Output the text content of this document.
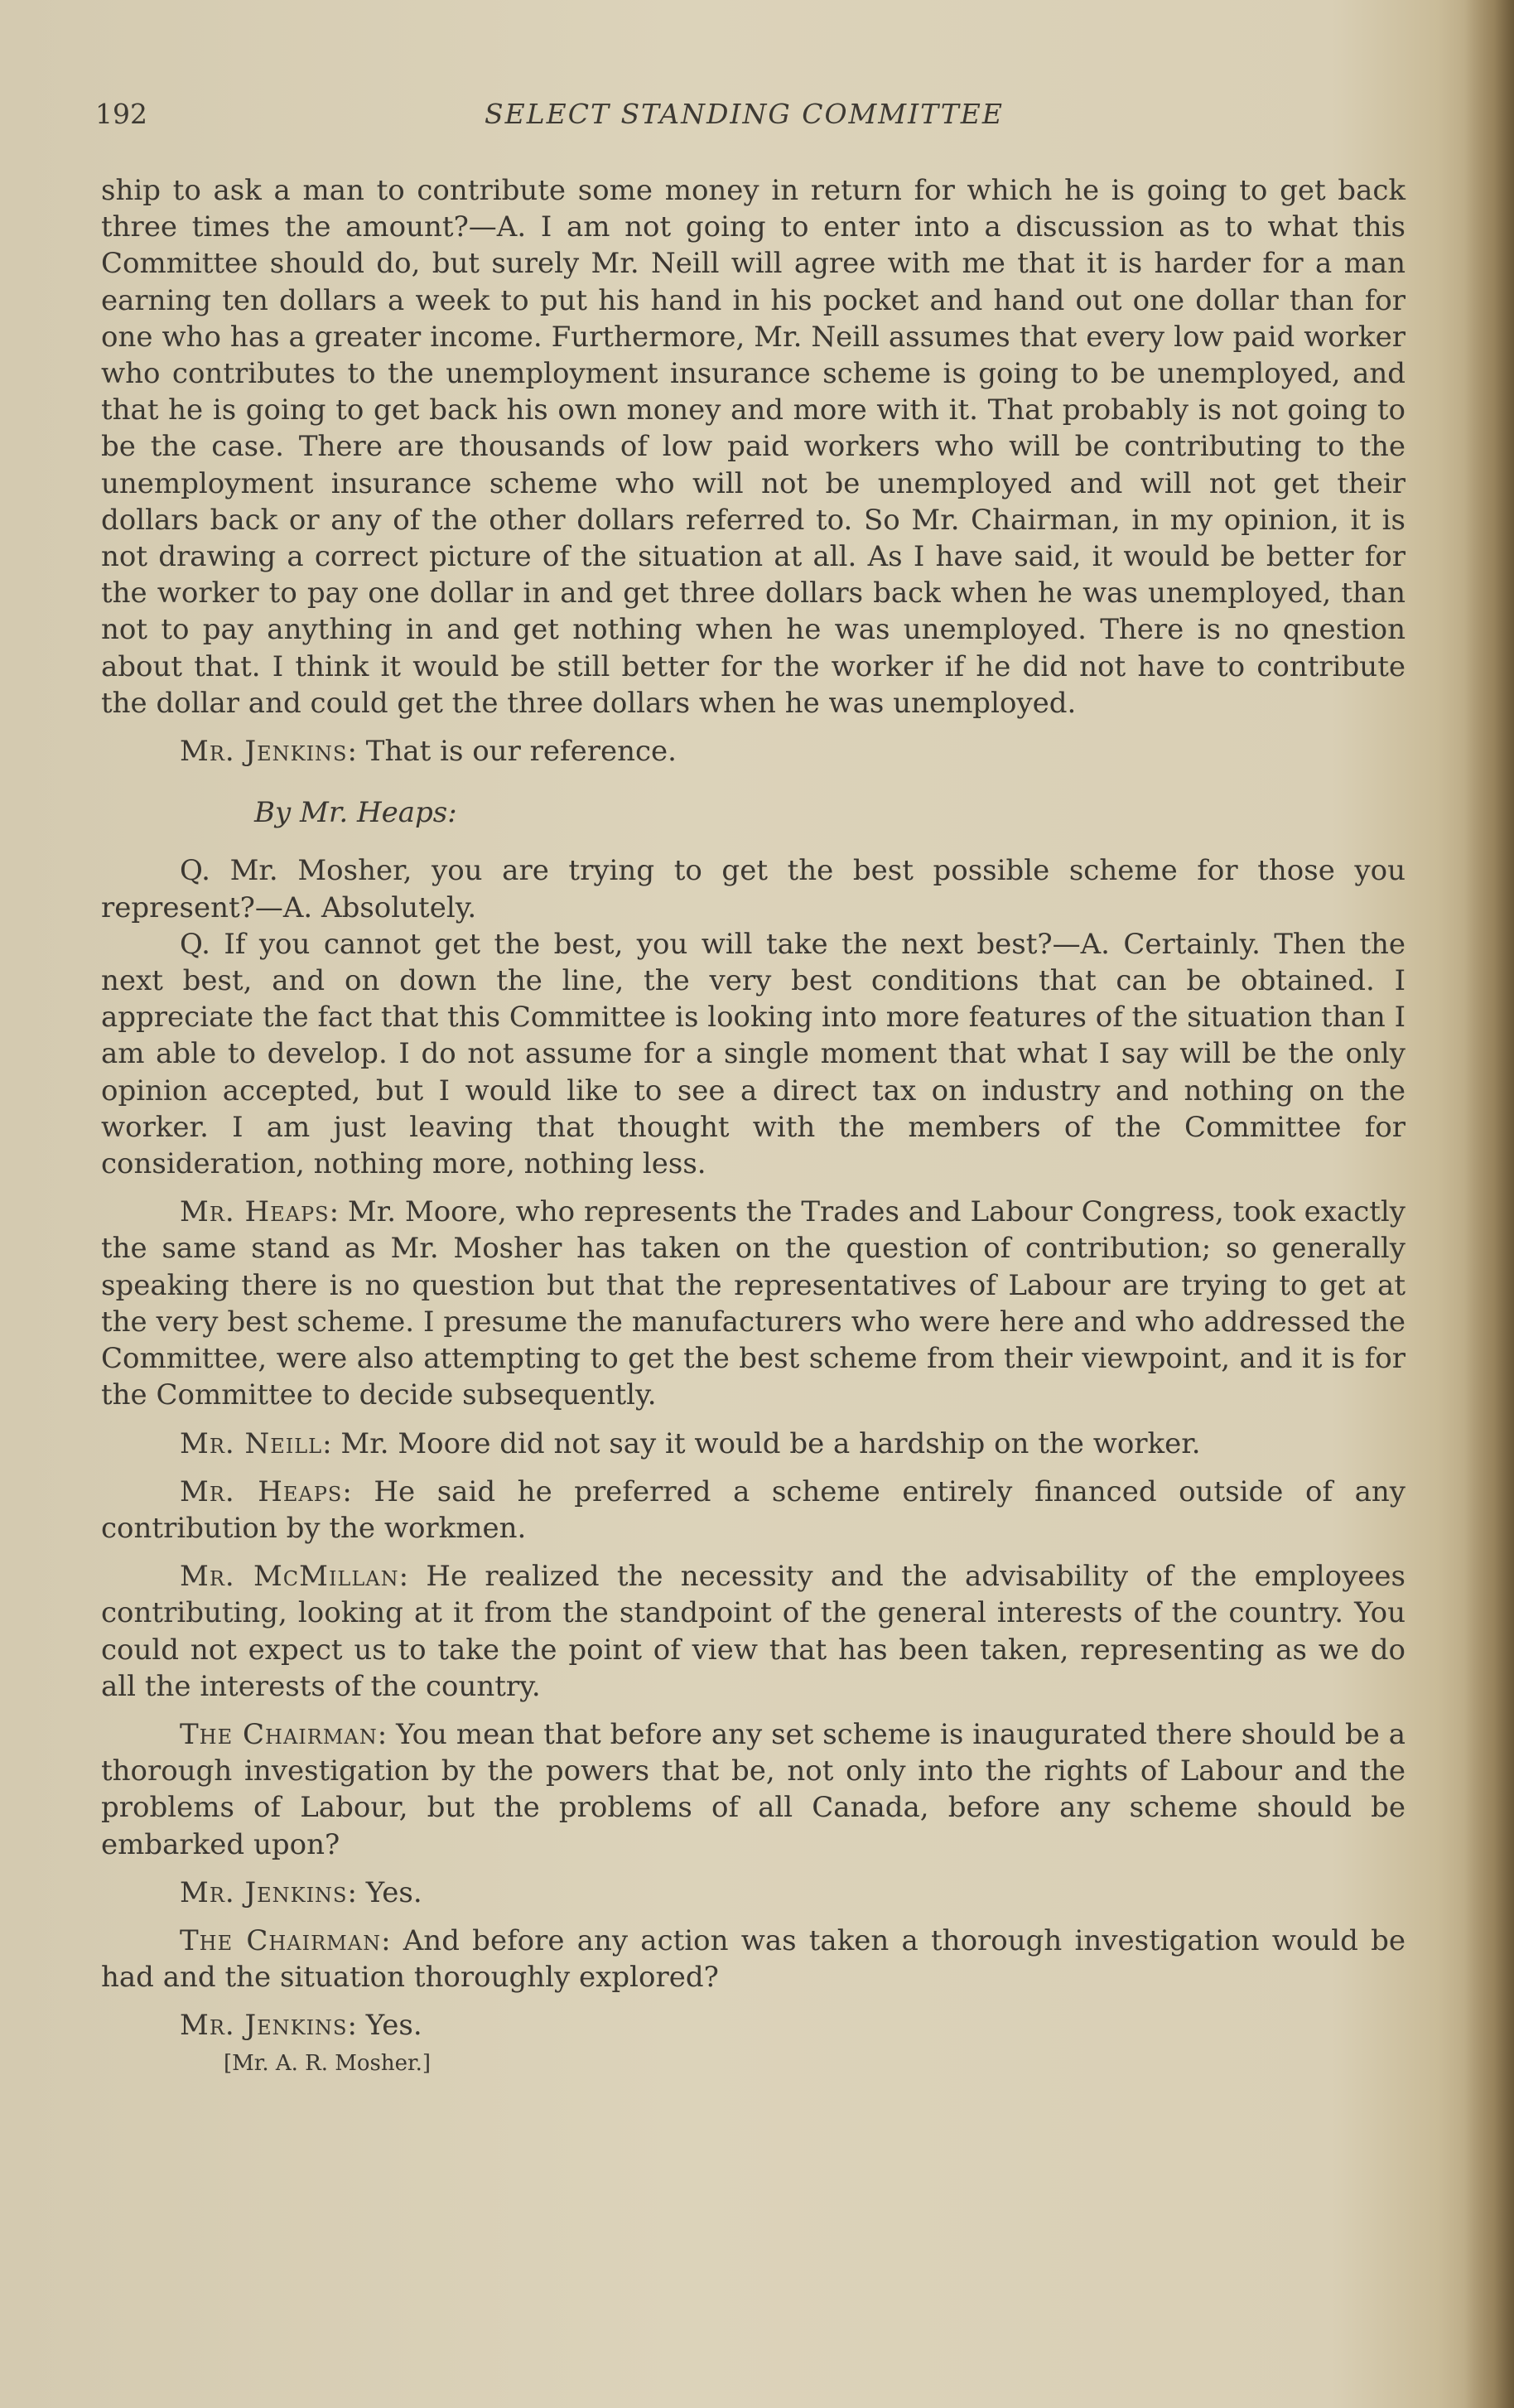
192	SELECT STANDING COMMITTEE

ship to ask a man to contribute some money in return for which he is going to get back three times the amount?—A. I am not going to enter into a discussion as to what this Committee should do, but surely Mr. Neill will agree with me that it is harder for a man earning ten dollars a week to put his hand in his pocket and hand out one dollar than for one who has a greater income. Furthermore, Mr. Neill assumes that every low paid worker who contributes to the unemployment insurance scheme is going to be unemployed, and that he is going to get back his own money and more with it. That probably is not going to be the case. There are thousands of low paid workers who will be contributing to the unemployment insurance scheme who will not be unemployed and will not get their dollars back or any of the other dollars referred to. So Mr. Chairman, in my opinion, it is not drawing a correct picture of the situation at all. As I have said, it would be better for the worker to pay one dollar in and get three dollars back when he was unemployed, than not to pay anything in and get nothing when he was unemployed. There is no qnestion about that. I think it would be still better for the worker if he did not have to contribute the dollar and could get the three dollars when he was unemployed.

Mr. Jenkins: That is our reference.

By Mr. Heaps:

Q. Mr. Mosher, you are trying to get the best possible scheme for those you represent?—A. Absolutely.

Q. If you cannot get the best, you will take the next best?—A. Certainly. Then the next best, and on down the line, the very best conditions that can be obtained. I appreciate the fact that this Committee is looking into more features of the situation than I am able to develop. I do not assume for a single moment that what I say will be the only opinion accepted, but I would like to see a direct tax on industry and nothing on the worker. I am just leaving that thought with the members of the Committee for consideration, nothing more, nothing less.

Mr. Heaps: Mr. Moore, who represents the Trades and Labour Congress, took exactly the same stand as Mr. Mosher has taken on the question of contribution; so generally speaking there is no question but that the representatives of Labour are trying to get at the very best scheme. I presume the manufacturers who were here and who addressed the Committee, were also attempting to get the best scheme from their viewpoint, and it is for the Committee to decide subsequently.

Mr. Neill: Mr. Moore did not say it would be a hardship on the worker.

Mr. Heaps: He said he preferred a scheme entirely financed outside of any contribution by the workmen.

Mr. McMillan: He realized the necessity and the advisability of the employees contributing, looking at it from the standpoint of the general interests of the country. You could not expect us to take the point of view that has been taken, representing as we do all the interests of the country.

The Chairman: You mean that before any set scheme is inaugurated there should be a thorough investigation by the powers that be, not only into the rights of Labour and the problems of Labour, but the problems of all Canada, before any scheme should be embarked upon?

Mr. Jenkins: Yes.

The Chairman: And before any action was taken a thorough investigation would be had and the situation thoroughly explored?

Mr. Jenkins: Yes.

[Mr. A. R. Mosher.]
